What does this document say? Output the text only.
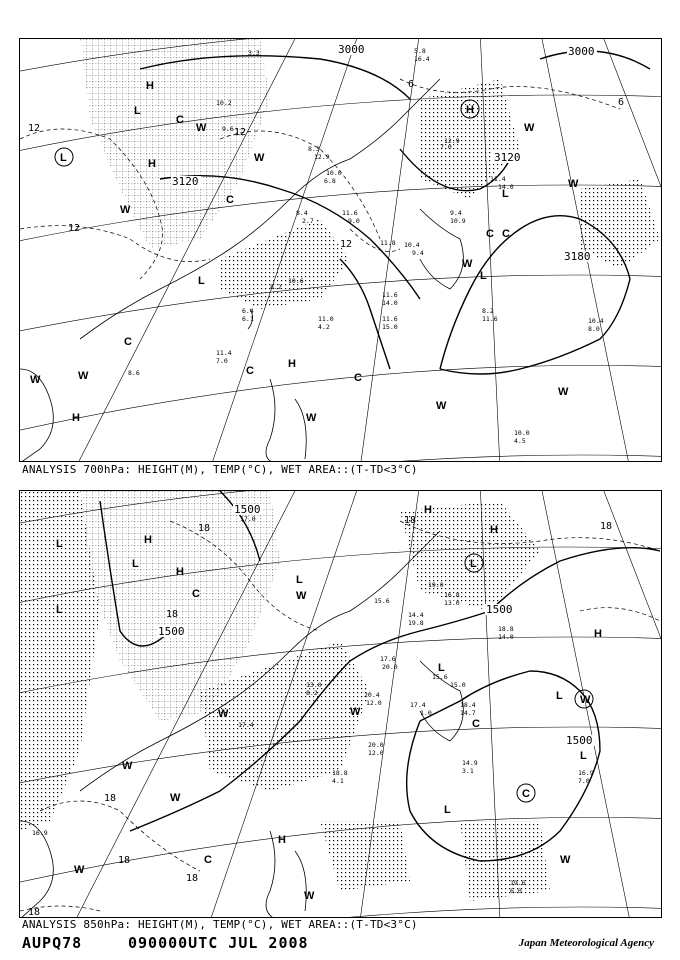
3000	3000
3120
3120
3180
12
12
6
6
12
12
L
H
L
C
W
H
W
W
C
L
H
W
L
C C
W
L
W
C
W
H
C
H
C
W
W
W
W
5.8
16.4
3.3
10.2
9.6
8.3
12.9
10.0
6.8
8.4
2.7
11.6
9.0
11.8 10.4
9.4
12.9
7.0
11.4
14.0
9.4
10.9
11.6
14.0
11.6
15.0
8.2
11.6
11.0
4.2
10.4
8.0
11.4
7.0
10.0
4.5
8.6
6.4
6.1
8.2
10.6
ANALYSIS 700hPa: HEIGHT(M), TEMP(°C), WET AREA::(T-TD<3°C)
1500
1500
1500
1500
18
18
18
18
18
18
18
18
H
H
L
H
L
L
L
H
C	W
L
L
L W
H
L
C
L
C
W
W
W
W
W
H
C
W
W
17.0
15.6
14.4
19.8
16.8
13.0
19.0
15.6
15.0
17.6
20.0
17.4
1.0
18.4
14.7
20.4
12.0
20.0
12.0
18.8
4.1
14.9
3.1	16.9
7.0
19.6
6.0
16.9
18.8
14.0
17.4
13.0
8.2
ANALYSIS 850hPa: HEIGHT(M), TEMP(°C), WET AREA::(T-TD<3°C)
AUPQ78	090000UTC JUL 2008	Japan Meteorological Agency
